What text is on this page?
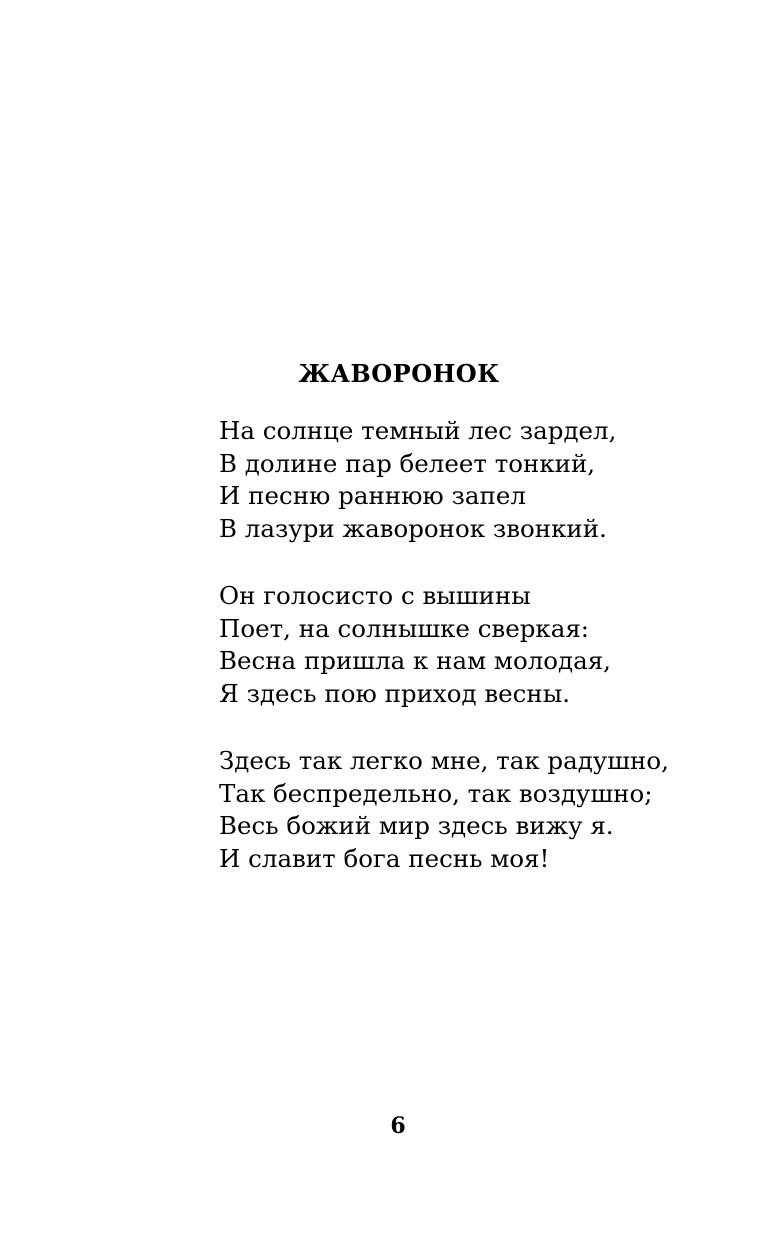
ЖАВОРОНОК
На солнце темный лес зардел,
В долине пар белеет тонкий,
И песню раннюю запел
В лазури жаворонок звонкий.
Он голосисто с вышины
Поет, на солнышке сверкая:
Весна пришла к нам молодая,
Я здесь пою приход весны.
Здесь так легко мне, так радушно,
Так беспредельно, так воздушно;
Весь божий мир здесь вижу я.
И славит бога песнь моя!
6
